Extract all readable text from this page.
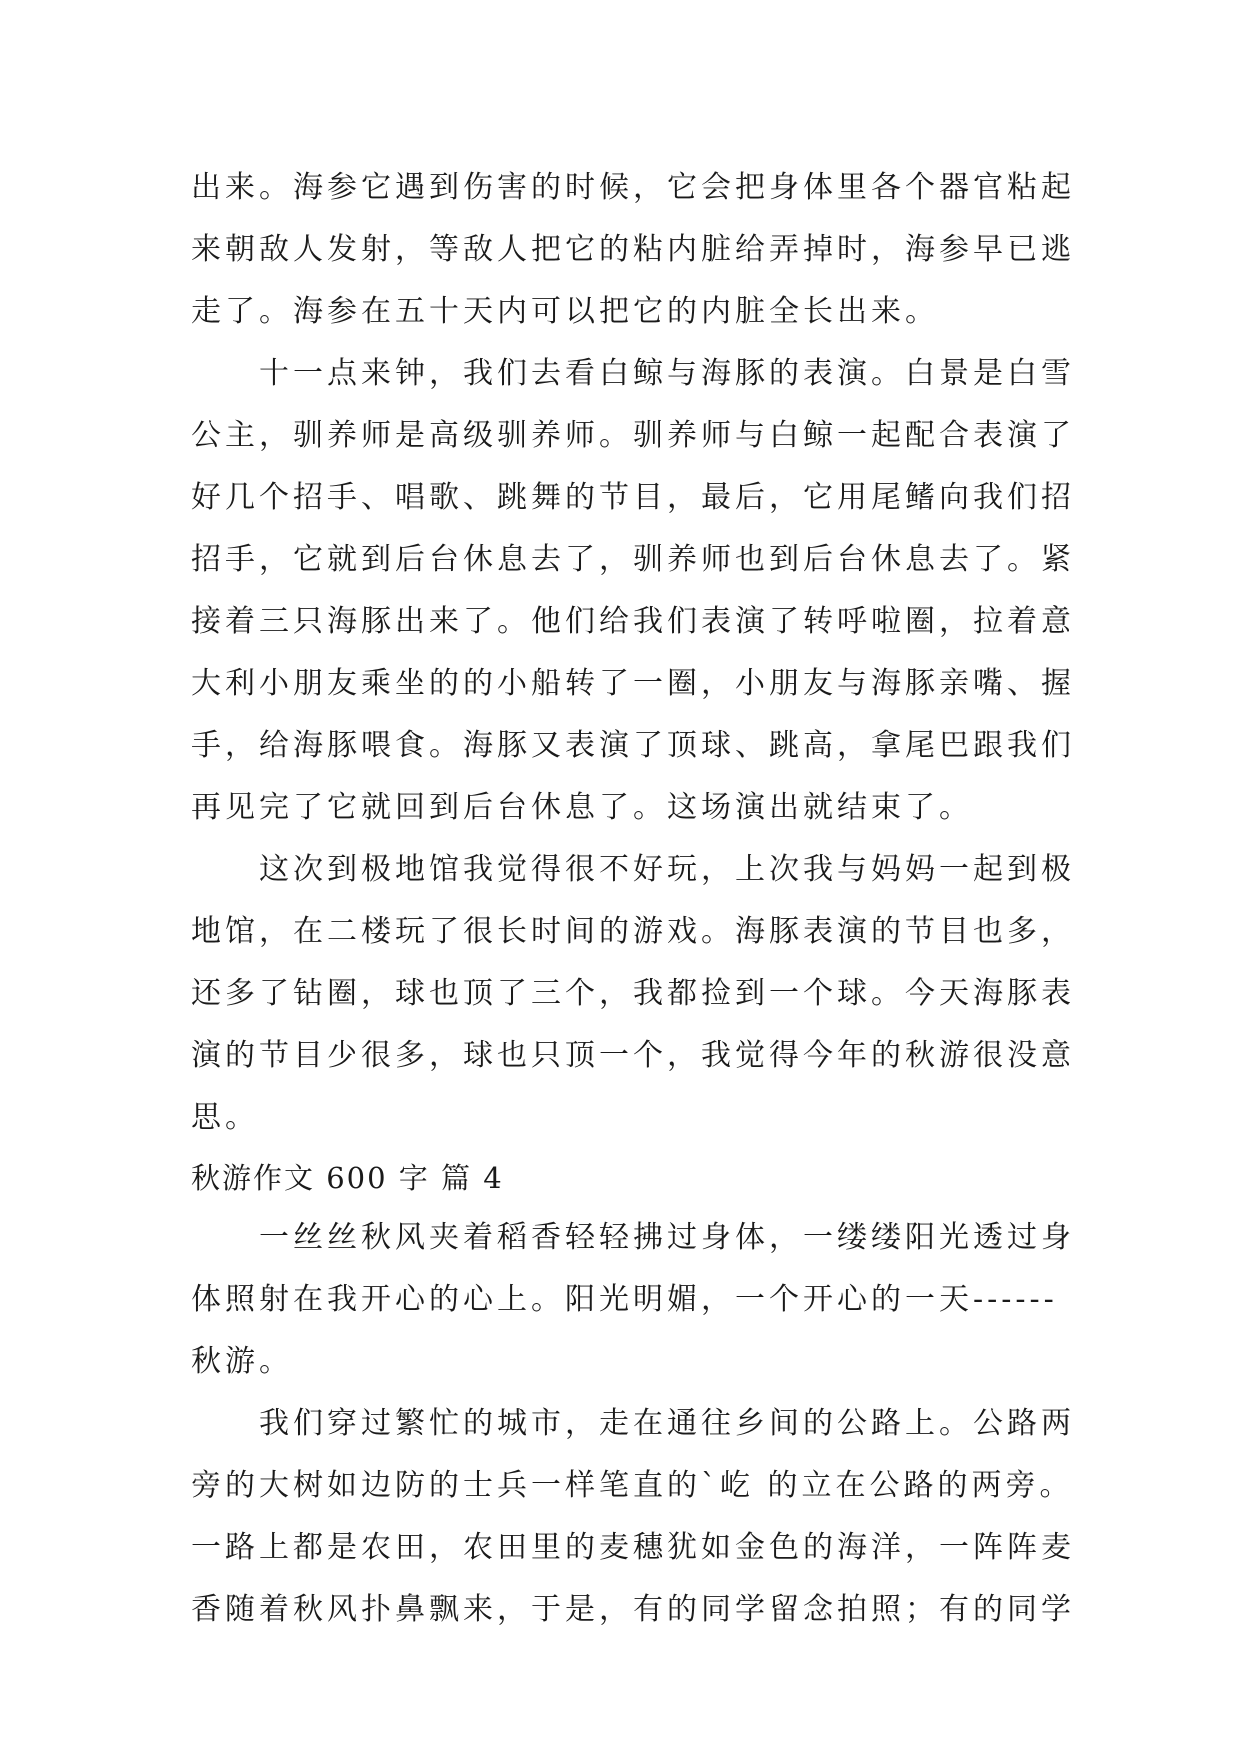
出来。海参它遇到伤害的时候，它会把身体里各个器官粘起
来朝敌人发射，等敌人把它的粘内脏给弄掉时，海参早已逃
走了。海参在五十天内可以把它的内脏全长出来。
十一点来钟，我们去看白鲸与海豚的表演。白景是白雪
公主，驯养师是高级驯养师。驯养师与白鲸一起配合表演了
好几个招手、唱歌、跳舞的节目，最后，它用尾鳍向我们招
招手，它就到后台休息去了，驯养师也到后台休息去了。紧
接着三只海豚出来了。他们给我们表演了转呼啦圈，拉着意
大利小朋友乘坐的的小船转了一圈，小朋友与海豚亲嘴、握
手，给海豚喂食。海豚又表演了顶球、跳高，拿尾巴跟我们
再见完了它就回到后台休息了。这场演出就结束了。
这次到极地馆我觉得很不好玩，上次我与妈妈一起到极
地馆，在二楼玩了很长时间的游戏。海豚表演的节目也多，
还多了钻圈，球也顶了三个，我都捡到一个球。今天海豚表
演的节目少很多，球也只顶一个，我觉得今年的秋游很没意
思。
秋游作文 600 字 篇 4
一丝丝秋风夹着稻香轻轻拂过身体，一缕缕阳光透过身
体照射在我开心的心上。阳光明媚，一个开心的一天------
秋游。
我们穿过繁忙的城市，走在通往乡间的公路上。公路两
旁的大树如边防的士兵一样笔直的`屹 的立在公路的两旁。
一路上都是农田，农田里的麦穗犹如金色的海洋，一阵阵麦
香随着秋风扑鼻飘来，于是，有的同学留念拍照；有的同学
